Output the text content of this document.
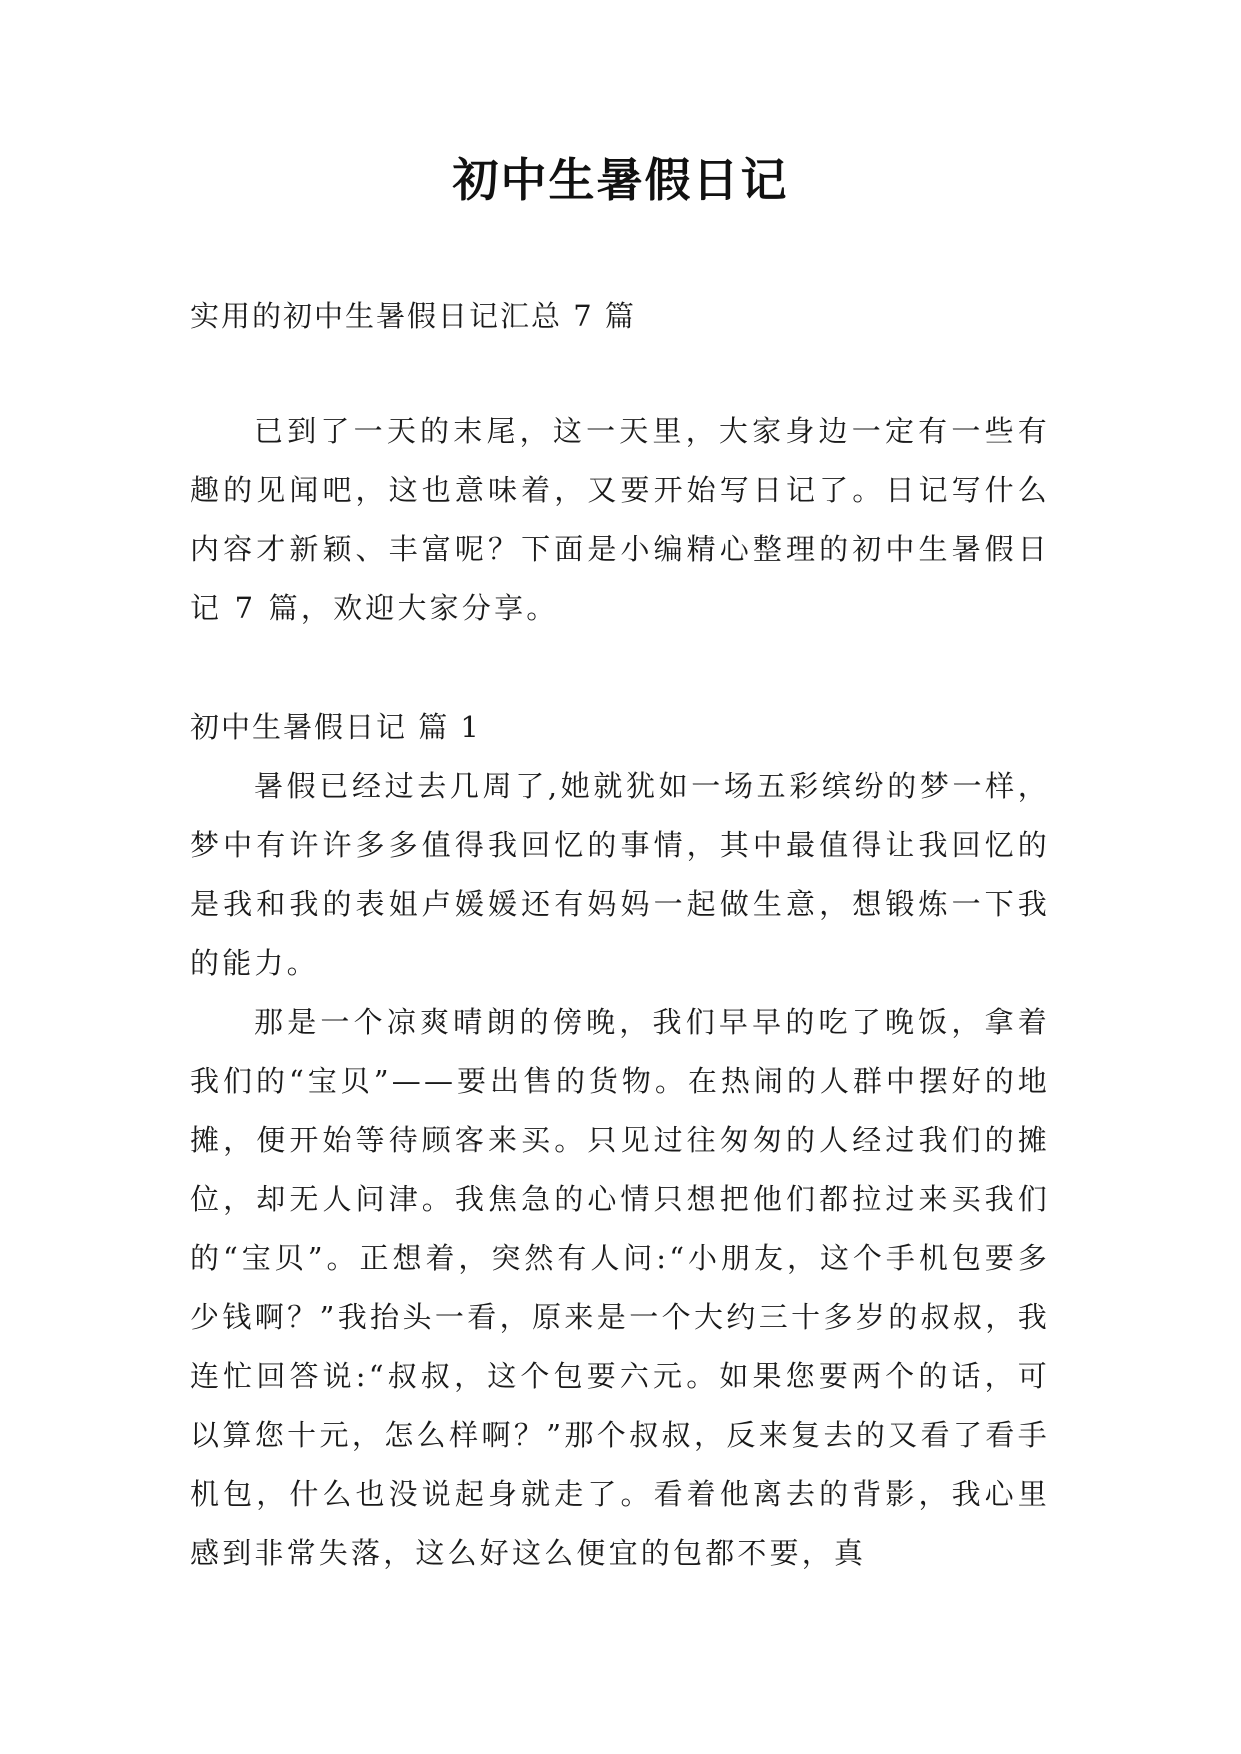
初中生暑假日记
实用的初中生暑假日记汇总 7 篇

已到了一天的末尾，这一天里，大家身边一定有一些有趣的见闻吧，这也意味着，又要开始写日记了。日记写什么内容才新颖、丰富呢？下面是小编精心整理的初中生暑假日记 7 篇，欢迎大家分享。

初中生暑假日记 篇 1

暑假已经过去几周了,她就犹如一场五彩缤纷的梦一样，梦中有许许多多值得我回忆的事情，其中最值得让我回忆的是我和我的表姐卢媛媛还有妈妈一起做生意，想锻炼一下我的能力。

那是一个凉爽晴朗的傍晚，我们早早的吃了晚饭，拿着我们的“宝贝”——要出售的货物。在热闹的人群中摆好的地摊，便开始等待顾客来买。只见过往匆匆的人经过我们的摊位，却无人问津。我焦急的心情只想把他们都拉过来买我们的“宝贝”。正想着，突然有人问:“小朋友，这个手机包要多少钱啊？”我抬头一看，原来是一个大约三十多岁的叔叔，我连忙回答说:“叔叔，这个包要六元。如果您要两个的话，可以算您十元，怎么样啊？”那个叔叔，反来复去的又看了看手机包，什么也没说起身就走了。看着他离去的背影，我心里感到非常失落，这么好这么便宜的包都不要，真
